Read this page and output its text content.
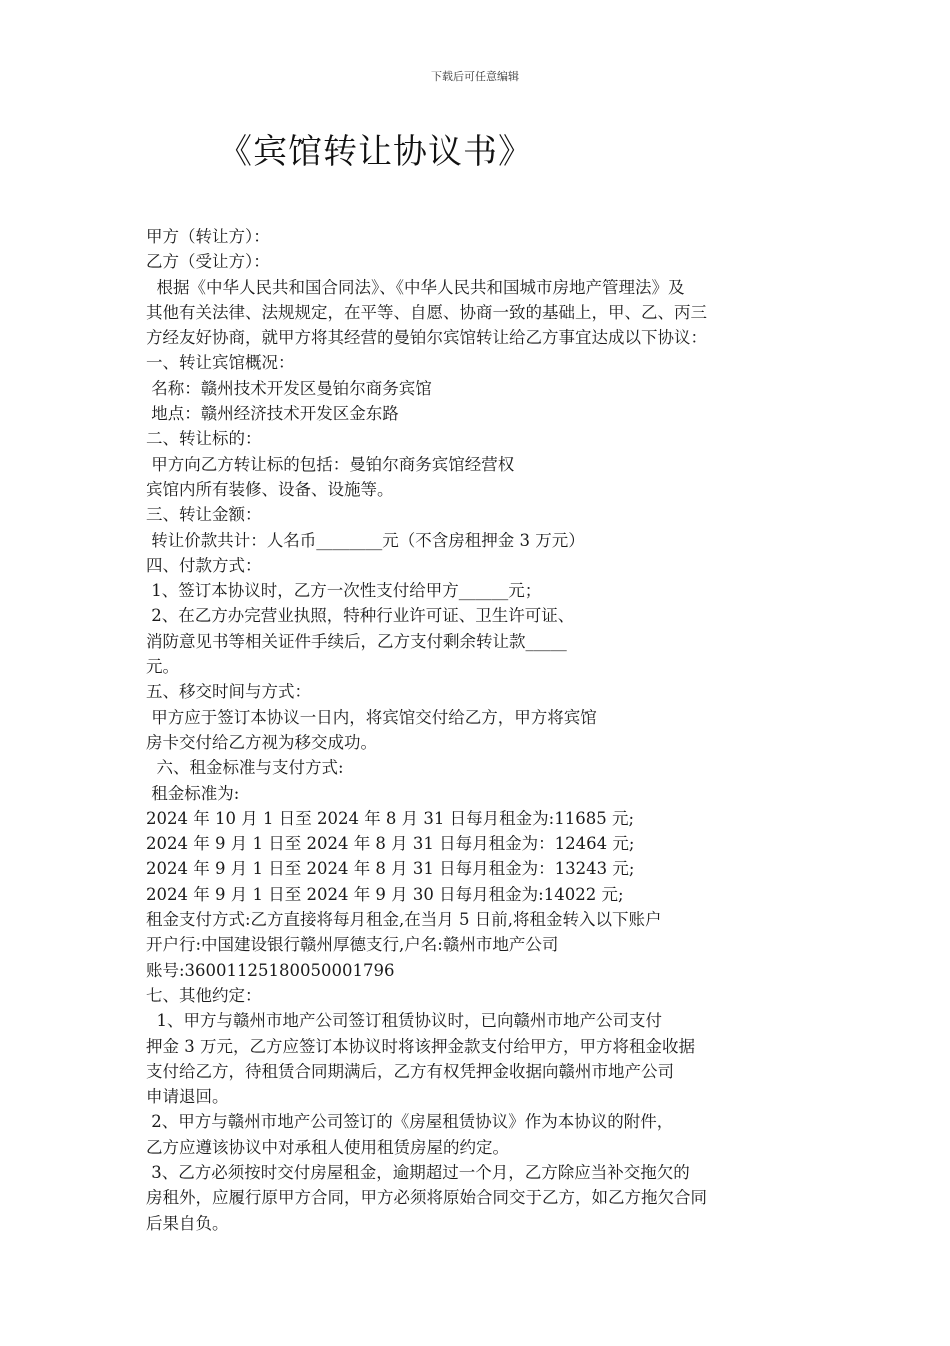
下载后可任意编辑
《宾馆转让协议书》
甲方（转让方）：
乙方（受让方）：
根据《中华人民共和国合同法》、《中华人民共和国城市房地产管理法》及
其他有关法律、法规规定，在平等、自愿、协商一致的基础上，甲、乙、丙三
方经友好协商，就甲方将其经营的曼铂尔宾馆转让给乙方事宜达成以下协议：
一、转让宾馆概况：
名称：赣州技术开发区曼铂尔商务宾馆
地点：赣州经济技术开发区金东路
二、转让标的：
甲方向乙方转让标的包括：曼铂尔商务宾馆经营权
宾馆内所有装修、设备、设施等。
三、转让金额：
转让价款共计：人名币________元（不含房租押金 3 万元）
四、付款方式：
1、签订本协议时，乙方一次性支付给甲方______元；
2、在乙方办完营业执照，特种行业许可证、卫生许可证、
消防意见书等相关证件手续后，乙方支付剩余转让款_____
元。
五、移交时间与方式：
甲方应于签订本协议一日内，将宾馆交付给乙方，甲方将宾馆
房卡交付给乙方视为移交成功。
六、租金标准与支付方式:
租金标准为:
2024 年 10 月 1 日至 2024 年 8 月 31 日每月租金为:11685 元;
2024 年 9 月 1 日至 2024 年 8 月 31 日每月租金为：12464 元;
2024 年 9 月 1 日至 2024 年 8 月 31 日每月租金为：13243 元;
2024 年 9 月 1 日至 2024 年 9 月 30 日每月租金为:14022 元;
租金支付方式:乙方直接将每月租金,在当月 5 日前,将租金转入以下账户
开户行:中国建设银行赣州厚德支行,户名:赣州市地产公司
账号:36001125180050001796
七、其他约定：
1、甲方与赣州市地产公司签订租赁协议时，已向赣州市地产公司支付
押金 3 万元，乙方应签订本协议时将该押金款支付给甲方，甲方将租金收据
支付给乙方，待租赁合同期满后，乙方有权凭押金收据向赣州市地产公司
申请退回。
2、甲方与赣州市地产公司签订的《房屋租赁协议》作为本协议的附件，
乙方应遵该协议中对承租人使用租赁房屋的约定。
3、乙方必须按时交付房屋租金，逾期超过一个月，乙方除应当补交拖欠的
房租外，应履行原甲方合同，甲方必须将原始合同交于乙方，如乙方拖欠合同
后果自负。
